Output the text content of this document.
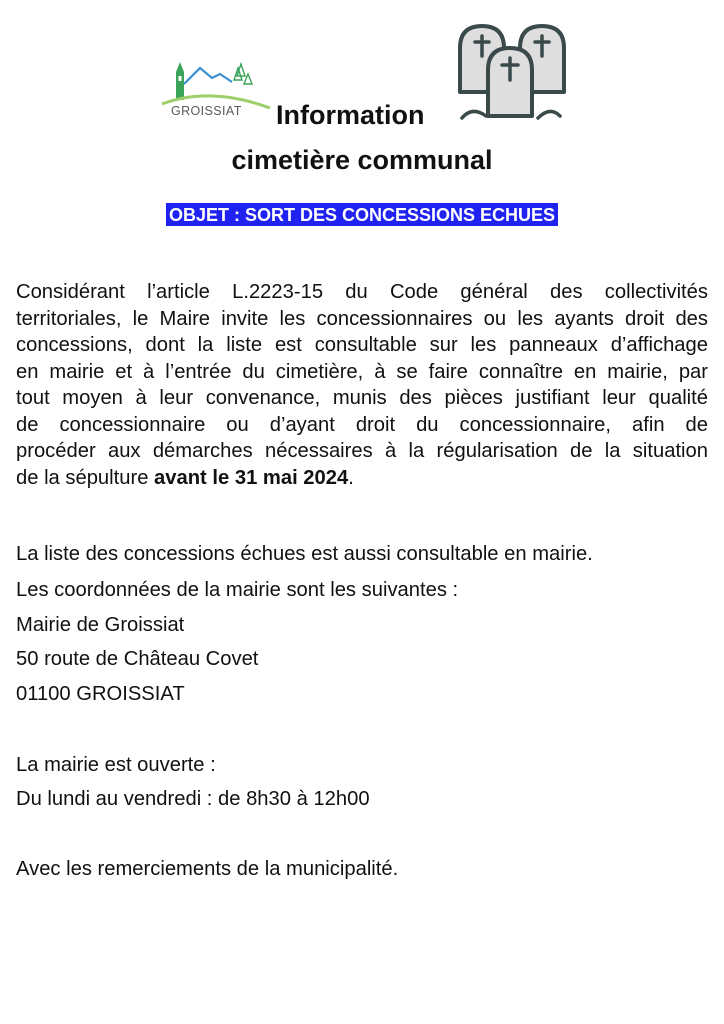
GROISSIAT Information
cimetière communal
OBJET : SORT DES CONCESSIONS ECHUES
Considérant l’article L.2223-15 du Code général des collectivités
territoriales, le Maire invite les concessionnaires ou les ayants droit des
concessions, dont la liste est consultable sur les panneaux d’affichage
en mairie et à l’entrée du cimetière, à se faire connaître en mairie, par
tout moyen à leur convenance, munis des pièces justifiant leur qualité
de concessionnaire ou d’ayant droit du concessionnaire, afin de
procéder aux démarches nécessaires à la régularisation de la situation
de la sépulture avant le 31 mai 2024.
La liste des concessions échues est aussi consultable en mairie.
Les coordonnées de la mairie sont les suivantes :
Mairie de Groissiat
50 route de Château Covet
01100 GROISSIAT
La mairie est ouverte :
Du lundi au vendredi : de 8h30 à 12h00
Avec les remerciements de la municipalité.
